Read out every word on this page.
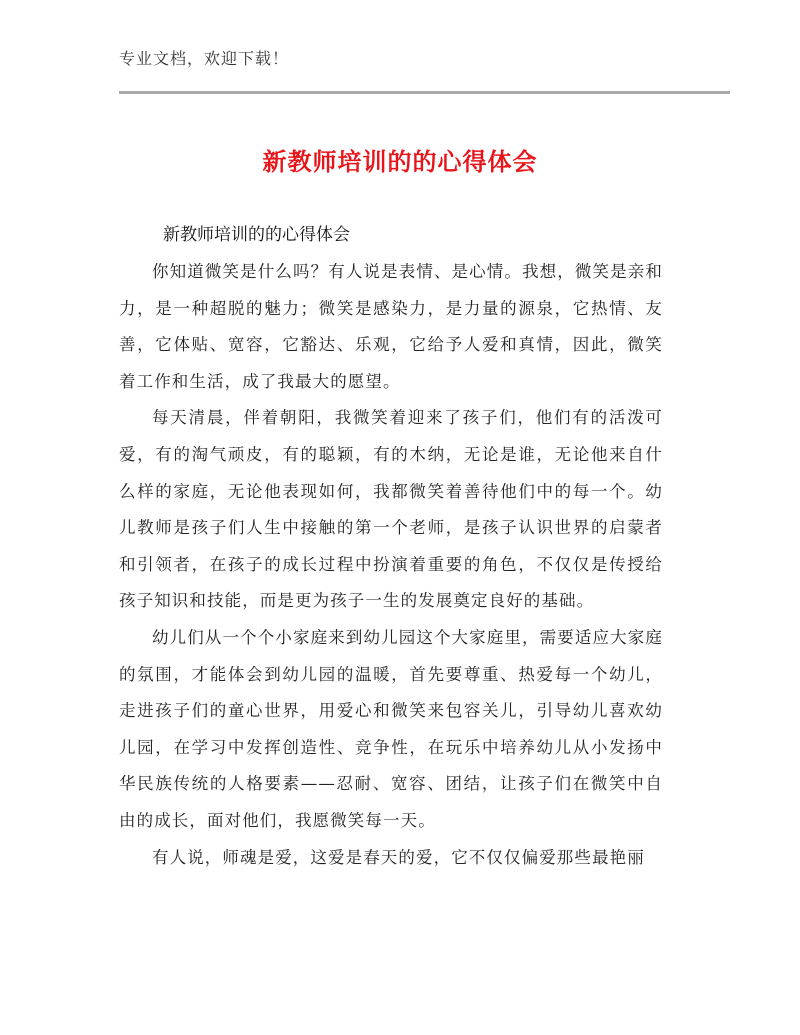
专业文档，欢迎下载！
新教师培训的的心得体会
新教师培训的的心得体会

你知道微笑是什么吗？有人说是表情、是心情。我想，微笑是亲和力，是一种超脱的魅力；微笑是感染力，是力量的源泉，它热情、友善，它体贴、宽容，它豁达、乐观，它给予人爱和真情，因此，微笑着工作和生活，成了我最大的愿望。

每天清晨，伴着朝阳，我微笑着迎来了孩子们，他们有的活泼可爱，有的淘气顽皮，有的聪颖，有的木纳，无论是谁，无论他来自什么样的家庭，无论他表现如何，我都微笑着善待他们中的每一个。幼儿教师是孩子们人生中接触的第一个老师，是孩子认识世界的启蒙者和引领者，在孩子的成长过程中扮演着重要的角色，不仅仅是传授给孩子知识和技能，而是更为孩子一生的发展奠定良好的基础。

幼儿们从一个个小家庭来到幼儿园这个大家庭里，需要适应大家庭的氛围，才能体会到幼儿园的温暖，首先要尊重、热爱每一个幼儿，走进孩子们的童心世界，用爱心和微笑来包容关儿，引导幼儿喜欢幼儿园，在学习中发挥创造性、竞争性，在玩乐中培养幼儿从小发扬中华民族传统的人格要素——忍耐、宽容、团结，让孩子们在微笑中自由的成长，面对他们，我愿微笑每一天。

有人说，师魂是爱，这爱是春天的爱，它不仅仅偏爱那些最艳丽
